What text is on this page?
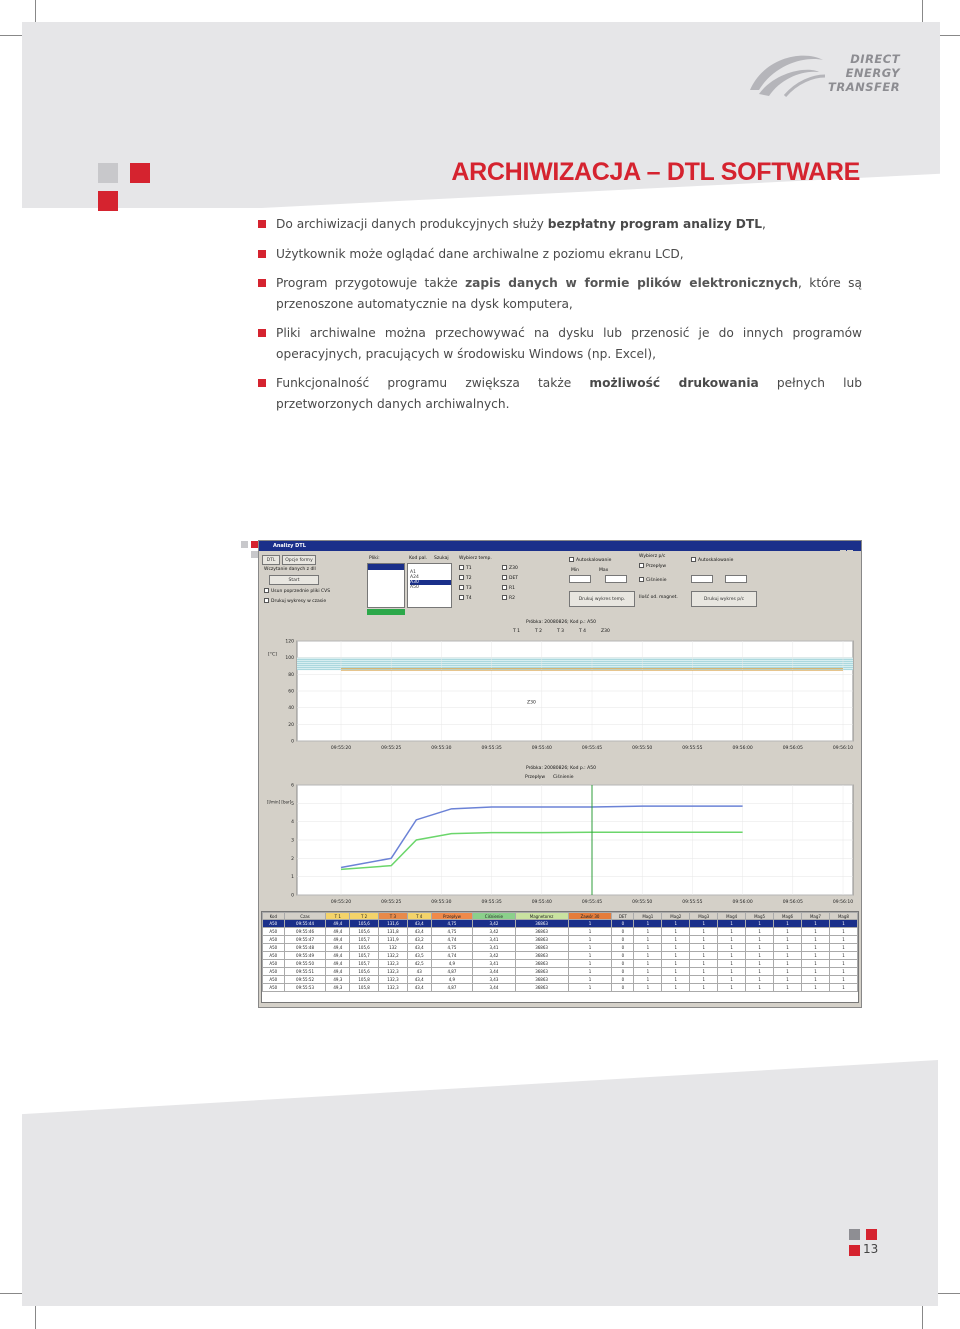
DIRECT
ENERGY
TRANSFER
ARCHIWIZACJA – DTL SOFTWARE
Do archiwizacji danych produkcyjnych służy bezpłatny program analizy DTL,
Użytkownik może oglądać dane archiwalne z poziomu ekranu LCD,
Program przygotowuje także zapis danych w formie plików elektronicznych, które są przenoszone automatycznie na dysk komputera,
Pliki archiwalne można przechowywać na dysku lub przenosić je do innych programów operacyjnych, pracujących w środowisku Windows (np. Excel),
Funkcjonalność programu zwiększa także możliwość drukowania pełnych lub przetworzonych danych archiwalnych.
Analizy DTL
DTL	Opcje formy
Wczytanie danych z dll
Start
Usun poprzednie pliki CVS
Drukuj wykresy w czasie
Pliki:	Kod pal. Szukaj
A1
A24
A30
A50
Wybierz temp.
T1
T2
T3
T4
Z30
DET
R1
R2
Autoskalowanie
Min	Max
Drukuj wykres temp.
Wybierz p/c
Przepływ
Ciśnienie
Ilość od. magnet.
Autoskalowanie
Drukuj wykres p/c
Próbka: 20080826; Kod p.: A50
T 1	T 2	T 3	T 4	Z30
0
20
40
60
80
100
120
[°C]
09:55:20	09:55:25	09:55:30	09:55:35	09:55:40	09:55:45	09:55:50	09:55:55	09:56:00	09:56:05	09:56:10
Z30
Próbka: 20080826; Kod p.: A50
Przepływ Ciśnienie
0
1
2
3
4
5
6
[l/min] [bar]
09:55:20	09:55:25	09:55:30	09:55:35	09:55:40	09:55:45	09:55:50	09:55:55	09:56:00	09:56:05	09:56:10
Kod	Czas	T 1	T 2	T 3	T 4	Przepływ	Ciśnienie	Magnetorez	Zawór 30	DET	Mag1	Mag2	Mag3	Mag4	Mag5	Mag6	Mag7	Mag8
A50	09:55:44	49,4	105,6	131,6	43,4	4,75	3,42	36863	1	0	1	1	1	1	1	1	1	1
A50	09:55:46	49,4	105,6	131,8	43,4	4,75	3,42	36863	1	0	1	1	1	1	1	1	1	1
A50	09:55:47	49,4	105,7	131,9	43,2	4,74	3,41	36863	1	0	1	1	1	1	1	1	1	1
A50	09:55:48	49,4	105,6	132	43,4	4,75	3,41	36863	1	0	1	1	1	1	1	1	1	1
A50	09:55:49	49,4	105,7	132,2	43,5	4,74	3,42	36863	1	0	1	1	1	1	1	1	1	1
A50	09:55:50	49,4	105,7	132,3	42,5	4,9	3,41	36863	1	0	1	1	1	1	1	1	1	1
A50	09:55:51	49,4	105,6	132,3	43	4,87	3,44	36863	1	0	1	1	1	1	1	1	1	1
A50	09:55:52	49,3	105,8	132,3	43,4	4,9	3,43	36863	1	0	1	1	1	1	1	1	1	1
A50	09:55:53	49,3	105,8	132,3	43,4	4,87	3,44	36863	1	0	1	1	1	1	1	1	1	1
13
